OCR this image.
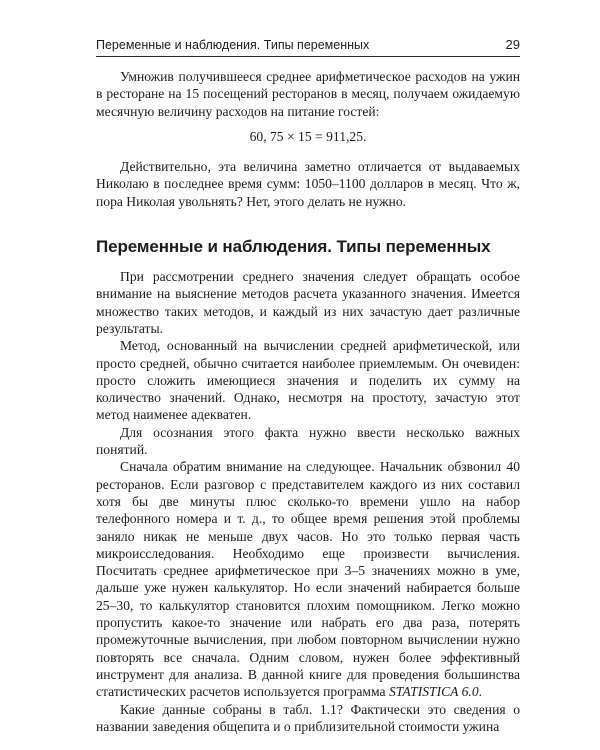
Переменные и наблюдения. Типы переменных	29

Умножив получившееся среднее арифметическое расходов на ужин в ресторане на 15 посещений ресторанов в месяц, получаем ожидаемую месячную величину расходов на питание гостей:

60, 75 × 15 = 911,25.

Действительно, эта величина заметно отличается от выдаваемых Николаю в последнее время сумм: 1050–1100 долларов в месяц. Что ж, пора Николая увольнять? Нет, этого делать не нужно.

Переменные и наблюдения. Типы переменных

При рассмотрении среднего значения следует обращать особое внимание на выяснение методов расчета указанного значения. Имеется множество таких методов, и каждый из них зачастую дает различные результаты.

Метод, основанный на вычислении средней арифметической, или просто средней, обычно считается наиболее приемлемым. Он очевиден: просто сложить имеющиеся значения и поделить их сумму на количество значений. Однако, несмотря на простоту, зачастую этот метод наименее адекватен.

Для осознания этого факта нужно ввести несколько важных понятий.

Сначала обратим внимание на следующее. Начальник обзвонил 40 ресторанов. Если разговор с представителем каждого из них составил хотя бы две минуты плюс сколько-то времени ушло на набор телефонного номера и т. д., то общее время решения этой проблемы заняло никак не меньше двух часов. Но это только первая часть микроисследования. Необходимо еще произвести вычисления. Посчитать среднее арифметическое при 3–5 значениях можно в уме, дальше уже нужен калькулятор. Но если значений набирается больше 25–30, то калькулятор становится плохим помощником. Легко можно пропустить какое-то значение или набрать его два раза, потерять промежуточные вычисления, при любом повторном вычислении нужно повторять все сначала. Одним словом, нужен более эффективный инструмент для анализа. В данной книге для проведения большинства статистических расчетов используется программа STATISTICA 6.0.

Какие данные собраны в табл. 1.1? Фактически это сведения о названии заведения общепита и о приблизительной стоимости ужина
